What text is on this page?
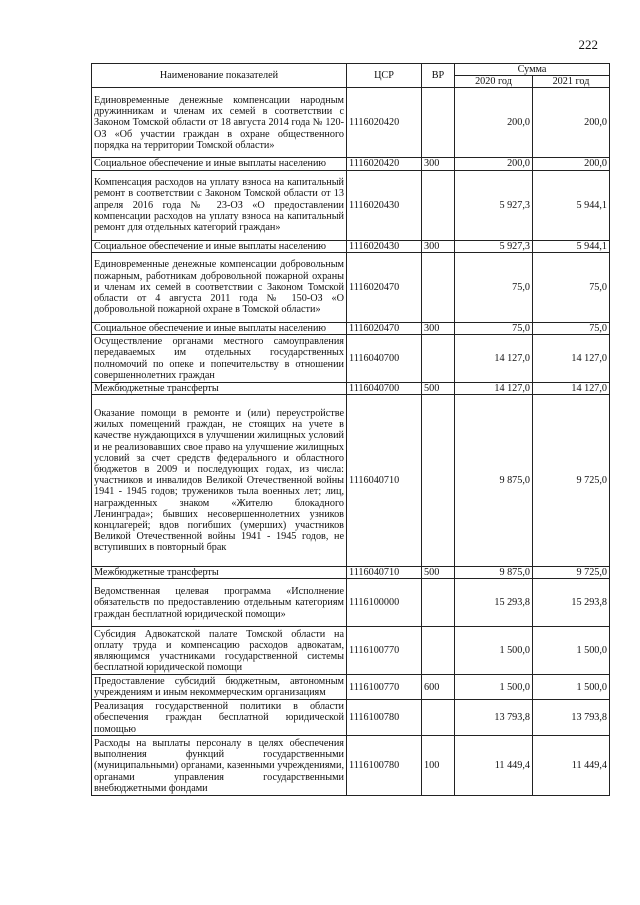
222
Наименование показателей	ЦСР	ВР	Сумма	
			2020 год	2021 год
Единовременные денежные компенсации народным дружинникам и членам их семей в соответствии с Законом Томской области от 18 августа 2014 года № 120-ОЗ «Об участии граждан в охране общественного порядка на территории Томской области»	1116020420		200,0	200,0
Социальное обеспечение и иные выплаты населению	1116020420	300	200,0	200,0
Компенсация расходов на уплату взноса на капитальный ремонт в соответствии с Законом Томской области от 13 апреля 2016 года № 23-ОЗ «О предоставлении компенсации расходов на уплату взноса на капитальный ремонт для отдельных категорий граждан»	1116020430		5 927,3	5 944,1
Социальное обеспечение и иные выплаты населению	1116020430	300	5 927,3	5 944,1
Единовременные денежные компенсации добровольным пожарным, работникам добровольной пожарной охраны и членам их семей в соответствии с Законом Томской области от 4 августа 2011 года № 150-ОЗ «О добровольной пожарной охране в Томской области»	1116020470		75,0	75,0
Социальное обеспечение и иные выплаты населению	1116020470	300	75,0	75,0
Осуществление органами местного самоуправления передаваемых им отдельных государственных полномочий по опеке и попечительству в отношении совершеннолетних граждан	1116040700		14 127,0	14 127,0
Межбюджетные трансферты	1116040700	500	14 127,0	14 127,0
Оказание помощи в ремонте и (или) переустройстве жилых помещений граждан, не стоящих на учете в качестве нуждающихся в улучшении жилищных условий и не реализовавших свое право на улучшение жилищных условий за счет средств федерального и областного бюджетов в 2009 и последующих годах, из числа: участников и инвалидов Великой Отечественной войны 1941 - 1945 годов; тружеников тыла военных лет; лиц, награжденных знаком «Жителю блокадного Ленинграда»; бывших несовершеннолетних узников концлагерей; вдов погибших (умерших) участников Великой Отечественной войны 1941 - 1945 годов, не вступивших в повторный брак	1116040710		9 875,0	9 725,0
Межбюджетные трансферты	1116040710	500	9 875,0	9 725,0
Ведомственная целевая программа «Исполнение обязательств по предоставлению отдельным категориям граждан бесплатной юридической помощи»	1116100000		15 293,8	15 293,8
Субсидия Адвокатской палате Томской области на оплату труда и компенсацию расходов адвокатам, являющимся участниками государственной системы бесплатной юридической помощи	1116100770		1 500,0	1 500,0
Предоставление субсидий бюджетным, автономным учреждениям и иным некоммерческим организациям	1116100770	600	1 500,0	1 500,0
Реализация государственной политики в области обеспечения граждан бесплатной юридической помощью	1116100780		13 793,8	13 793,8
Расходы на выплаты персоналу в целях обеспечения выполнения функций государственными (муниципальными) органами, казенными учреждениями, органами управления государственными внебюджетными фондами	1116100780	100	11 449,4	11 449,4
